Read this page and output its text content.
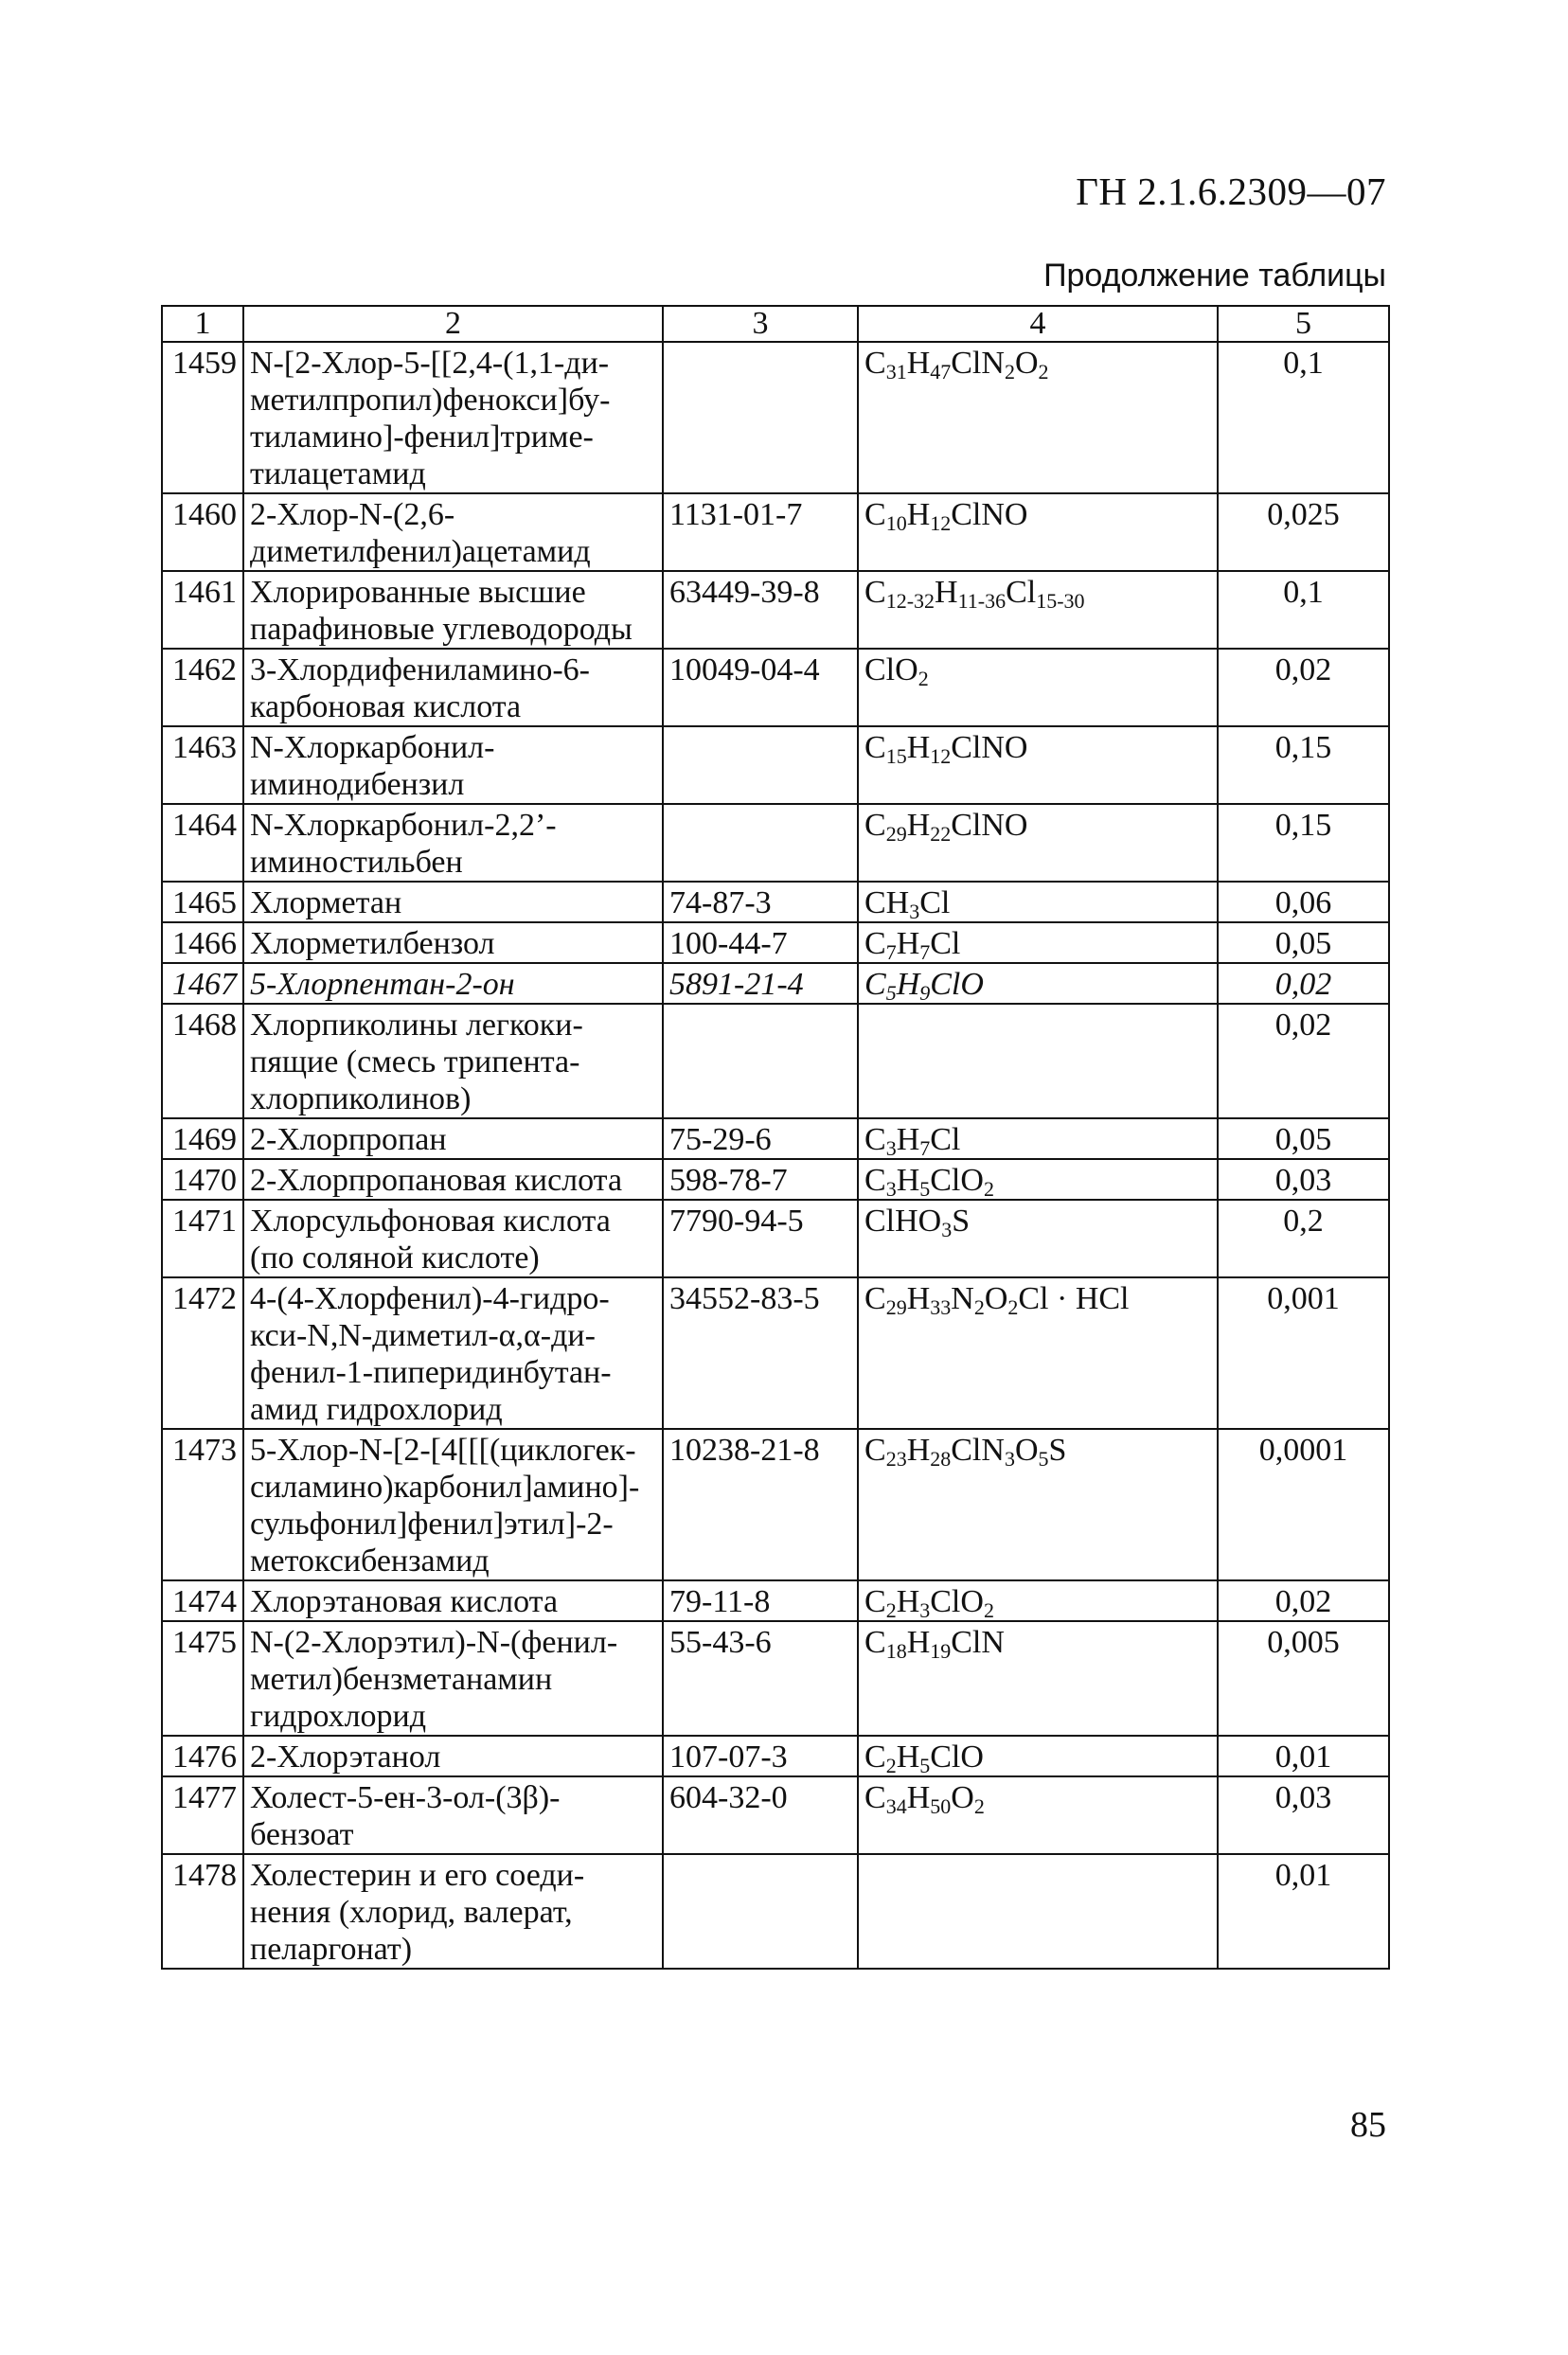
ГН 2.1.6.2309—07
Продолжение таблицы
1	2	3	4	5
1459	N-[2-Хлор-5-[[2,4-(1,1-ди-
метилпропил)фенокси]бу-
тиламино]-фенил]триме-
тилацетамид		$C_{31}H_{47}ClN_2O_2$	0,1
1460	2-Хлор-N-(2,6-
диметилфенил)ацетамид	1131-01-7	$C_{10}H_{12}ClNO$	0,025
1461	Хлорированные высшие
парафиновые углеводороды	63449-39-8	$C_{12-32}H_{11-36}Cl_{15-30}$	0,1
1462	3-Хлордифениламино-6-
карбоновая кислота	10049-04-4	ClO$_2$	0,02
1463	N-Хлоркарбонил-
иминодибензил		$C_{15}H_{12}ClNO$	0,15
1464	N-Хлоркарбонил-2,2’-
иминостильбен		$C_{29}H_{22}ClNO$	0,15
1465	Хлорметан	74-87-3	$CH_3Cl$	0,06
1466	Хлорметилбензол	100-44-7	$C_7H_7Cl$	0,05
1467	5-Хлорпентан-2-он	5891-21-4	$C_5H_9ClO$	0,02
1468	Хлорпиколины легкоки-
пящие (смесь трипента-
хлорпиколинов)			0,02
1469	2-Хлорпропан	75-29-6	$C_3H_7Cl$	0,05
1470	2-Хлорпропановая кислота	598-78-7	$C_3H_5ClO_2$	0,03
1471	Хлорсульфоновая кислота
(по соляной кислоте)	7790-94-5	ClHO$_3$S	0,2
1472	4-(4-Хлорфенил)-4-гидро-
кси-N,N-диметил-α,α-ди-
фенил-1-пиперидинбутан-
амид гидрохлорид	34552-83-5	$C_{29}H_{33}N_2O_2Cl$ · HCl	0,001
1473	5-Хлор-N-[2-[4[[[(циклогек-
силамино)карбонил]амино]-
сульфонил]фенил]этил]-2-
метоксибензамид	10238-21-8	$C_{23}H_{28}ClN_3O_5S$	0,0001
1474	Хлорэтановая кислота	79-11-8	$C_2H_3ClO_2$	0,02
1475	N-(2-Хлорэтил)-N-(фенил-
метил)бензметанамин
гидрохлорид	55-43-6	$C_{18}H_{19}ClN$	0,005
1476	2-Хлорэтанол	107-07-3	$C_2H_5ClO$	0,01
1477	Холест-5-ен-3-ол-(3β)-
бензоат	604-32-0	$C_{34}H_{50}O_2$	0,03
1478	Холестерин и его соеди-
нения (хлорид, валерат,
пеларгонат)			0,01
85
